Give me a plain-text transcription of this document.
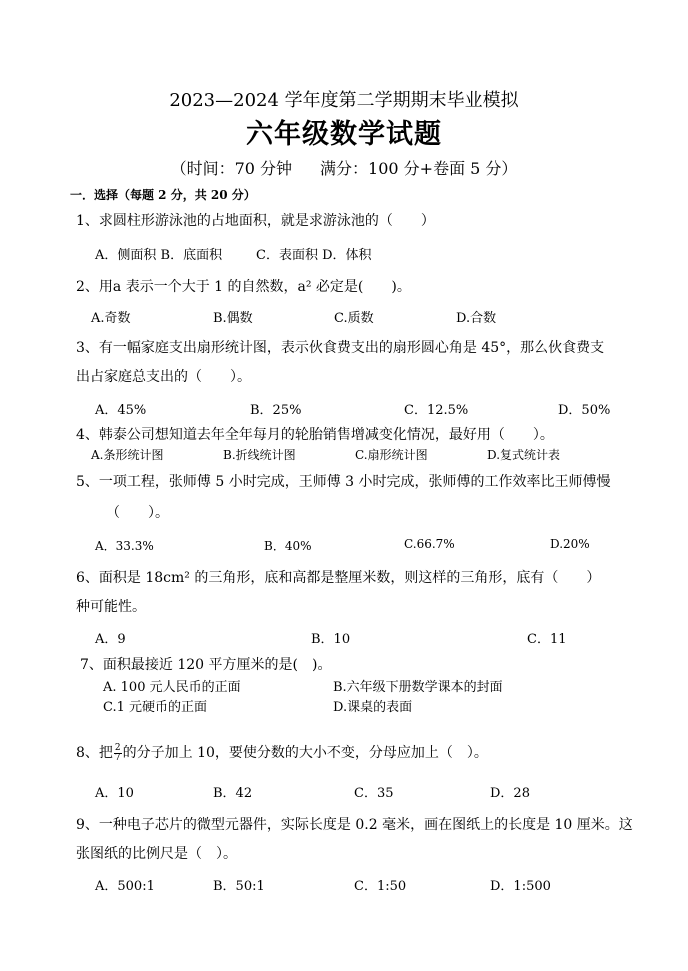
2023—2024 学年度第二学期期末毕业模拟
六年级数学试题
（时间：70 分钟 满分：100 分+卷面 5 分）
一．选择（每题 2 分，共 20 分）
1、求圆柱形游泳池的占地面积，就是求游泳池的（　　）
A．侧面积 B．底面积	C．表面积 D．体积
2、用a 表示一个大于 1 的自然数，a² 必定是(　　)。
A.奇数	B.偶数	C.质数	D.合数
3、有一幅家庭支出扇形统计图，表示伙食费支出的扇形圆心角是 45°，那么伙食费支
出占家庭总支出的（　　）。
A．45%	B．25%	C．12.5%	D．50%
4、韩泰公司想知道去年全年每月的轮胎销售增减变化情况，最好用（　　）。
A.条形统计图	B.折线统计图	C.扇形统计图	D.复式统计表
5、一项工程，张师傅 5 小时完成，王师傅 3 小时完成，张师傅的工作效率比王师傅慢
（　　）。
A．33.3%	B．40%	C.66.7%	D.20%
6、面积是 18cm² 的三角形，底和高都是整厘米数，则这样的三角形，底有（　　）
种可能性。
A．9	B．10	C．11
7、面积最接近 120 平方厘米的是(　)。
A. 100 元人民币的正面	B.六年级下册数学课本的封面
C.1 元硬币的正面	D.课桌的表面
8、把 $\frac{2}{7}$ 的分子加上 10，要使分数的大小不变，分母应加上（　）。
A．10	B．42	C．35	D．28
9、一种电子芯片的微型元器件，实际长度是 0.2 毫米，画在图纸上的长度是 10 厘米。这
张图纸的比例尺是（　）。
A．500:1	B．50:1	C．1:50	D．1:500
